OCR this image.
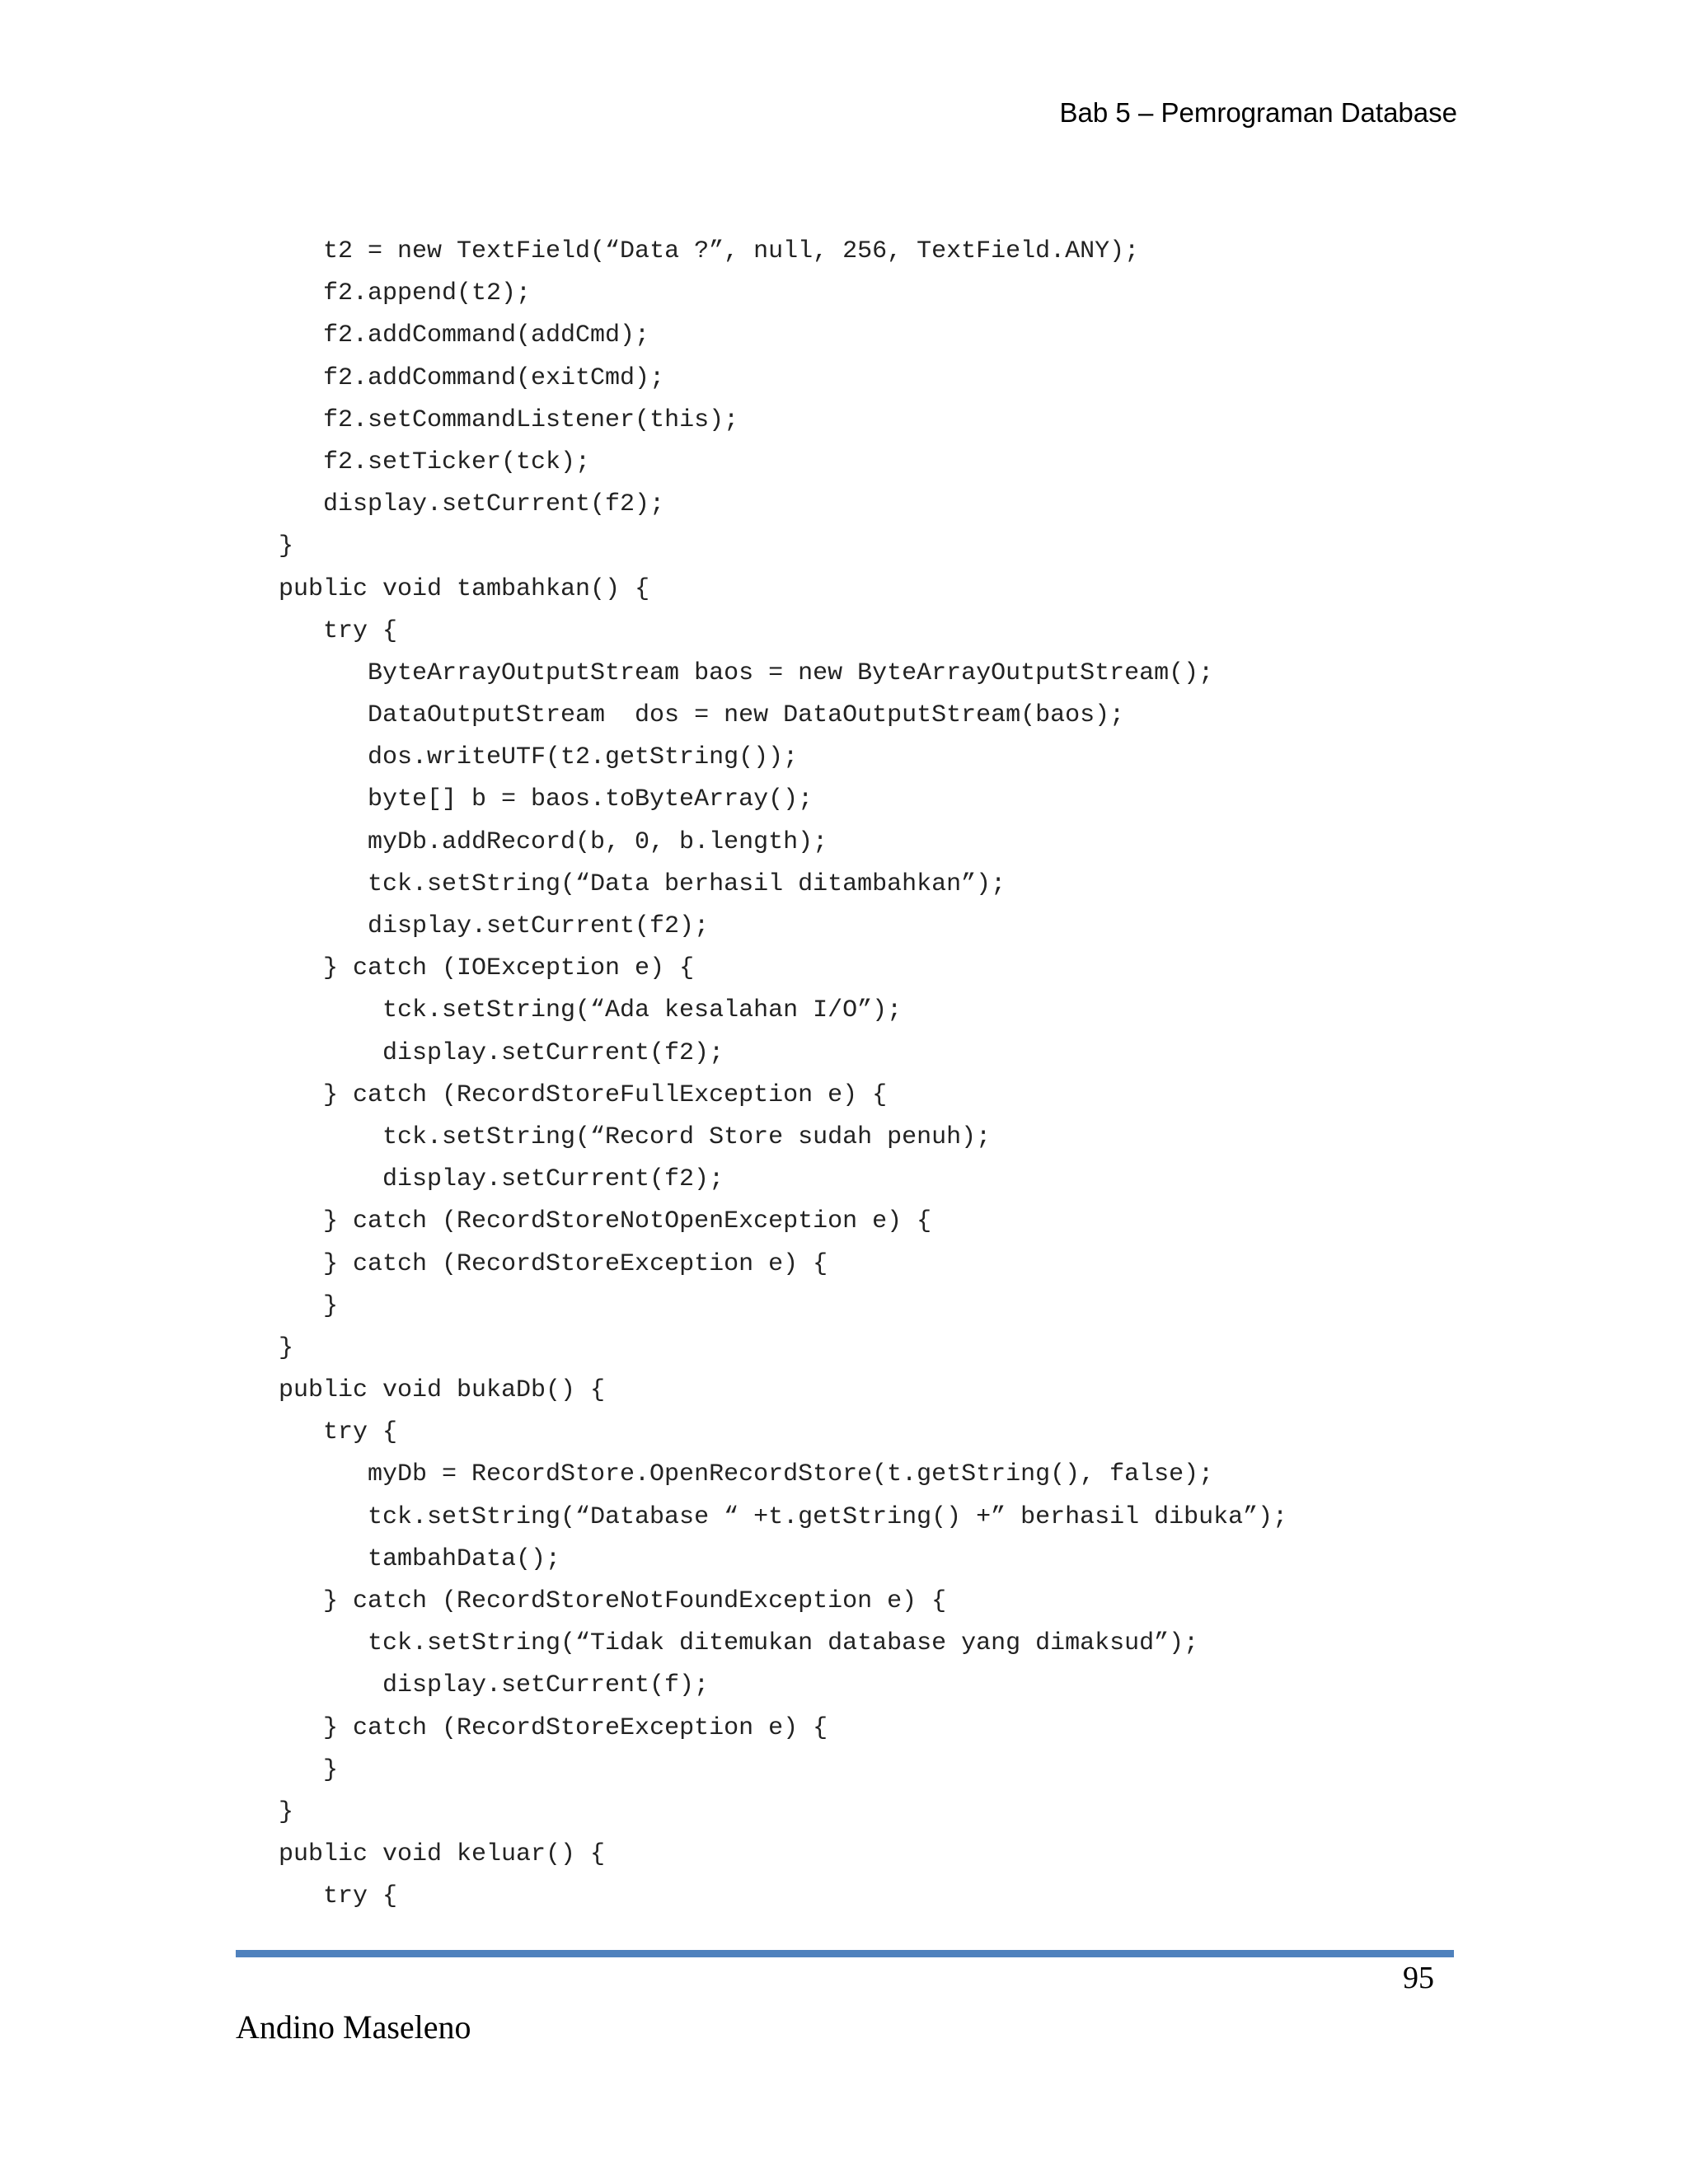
Bab 5 – Pemrograman Database
t2 = new TextField(“Data ?”, null, 256, TextField.ANY);
f2.append(t2);
f2.addCommand(addCmd);
f2.addCommand(exitCmd);
f2.setCommandListener(this);
f2.setTicker(tck);
display.setCurrent(f2);
}
public void tambahkan() {
try {
ByteArrayOutputStream baos = new ByteArrayOutputStream();
DataOutputStream  dos = new DataOutputStream(baos);
dos.writeUTF(t2.getString());
byte[] b = baos.toByteArray();
myDb.addRecord(b, 0, b.length);
tck.setString(“Data berhasil ditambahkan”);
display.setCurrent(f2);
} catch (IOException e) {
tck.setString(“Ada kesalahan I/O”);
display.setCurrent(f2);
} catch (RecordStoreFullException e) {
tck.setString(“Record Store sudah penuh);
display.setCurrent(f2);
} catch (RecordStoreNotOpenException e) {
} catch (RecordStoreException e) {
}
}
public void bukaDb() {
try {
myDb = RecordStore.OpenRecordStore(t.getString(), false);
tck.setString(“Database “ +t.getString() +” berhasil dibuka”);
tambahData();
} catch (RecordStoreNotFoundException e) {
tck.setString(“Tidak ditemukan database yang dimaksud”);
display.setCurrent(f);
} catch (RecordStoreException e) {
}
}
public void keluar() {
try {
95
Andino Maseleno
